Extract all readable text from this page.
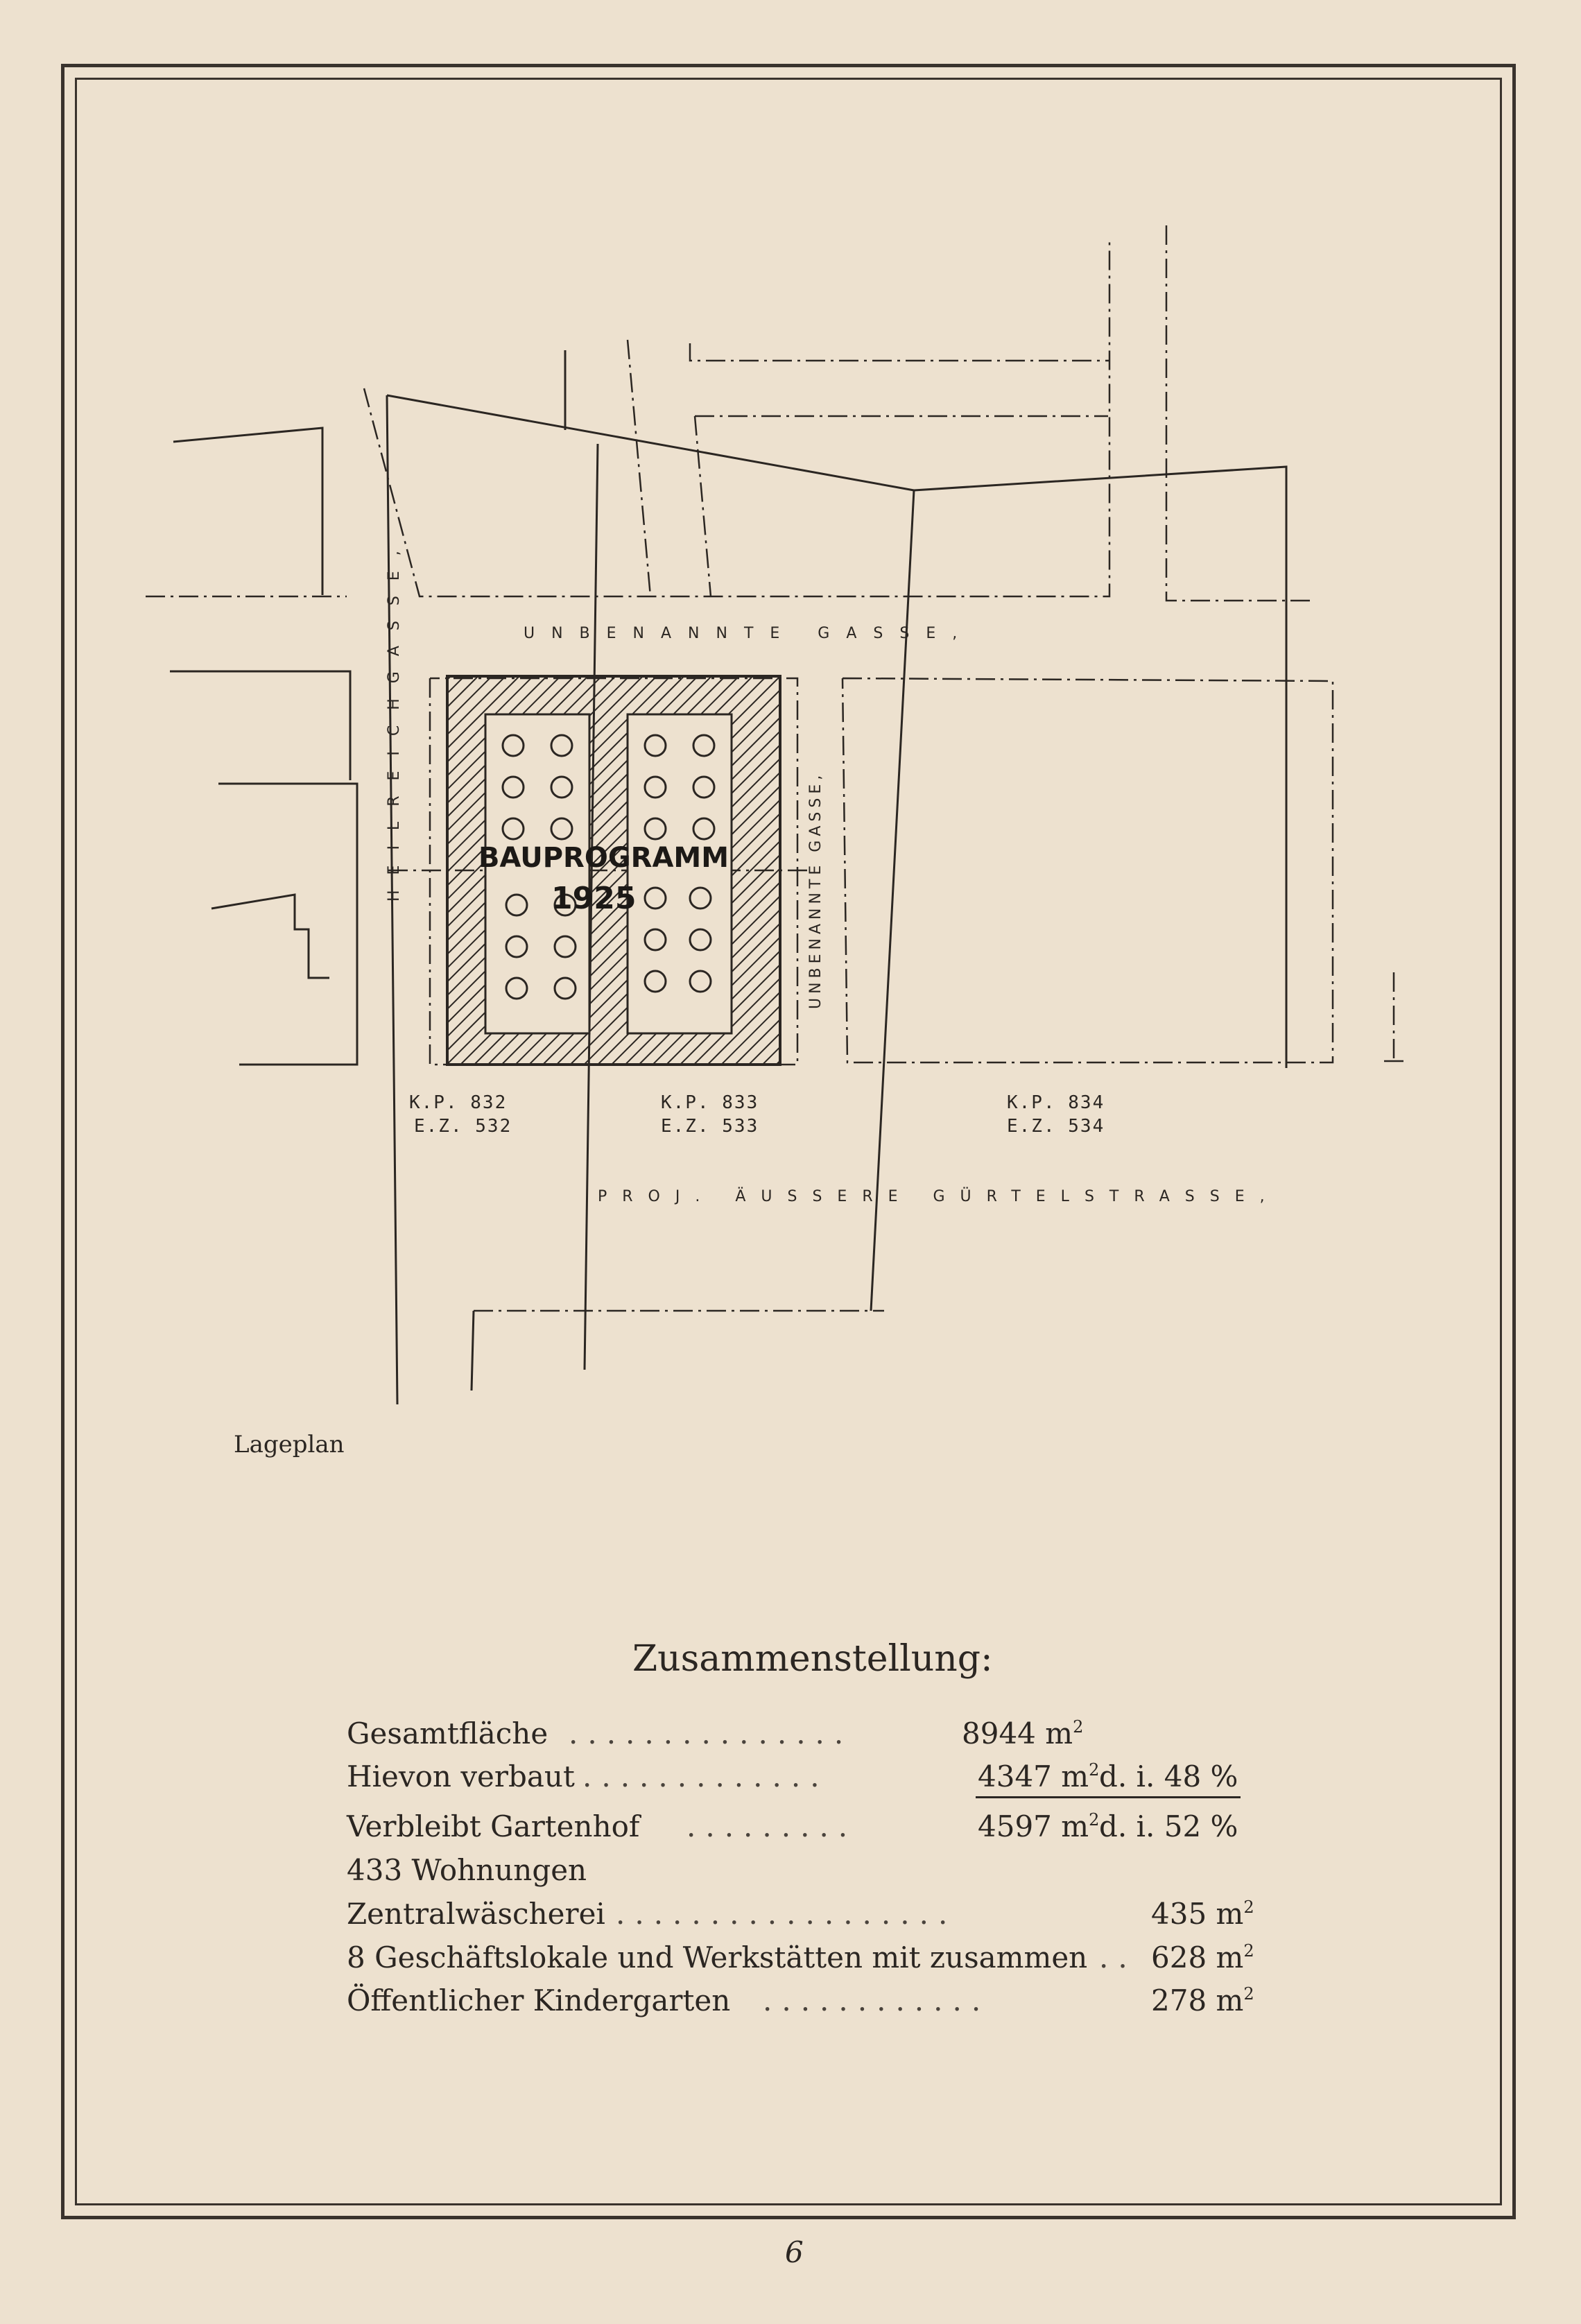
BAUPROGRAMM
1925
UNBENANNTE GASSE,
HEILREICHGASSE,	UNBENANNTE GASSE,
PROJ. ÄUSSERE GÜRTELSTRASSE,
K.P. 832
E.Z. 532
K.P. 833
E.Z. 533
K.P. 834
E.Z. 534
Lageplan
Zusammenstellung:
Gesamtfläche ...............	8944 $m^2$
Hievon verbaut .............	4347 $m^2$ d. i. 48 %
Verbleibt Gartenhof .........	4597 $m^2$ d. i. 52 %
433 Wohnungen
Zentralwäscherei ..................	435 $m^2$
8 Geschäftslokale und Werkstätten mit zusammen .. 628 $m^2$
Öffentlicher Kindergarten ............	278 $m^2$
6
